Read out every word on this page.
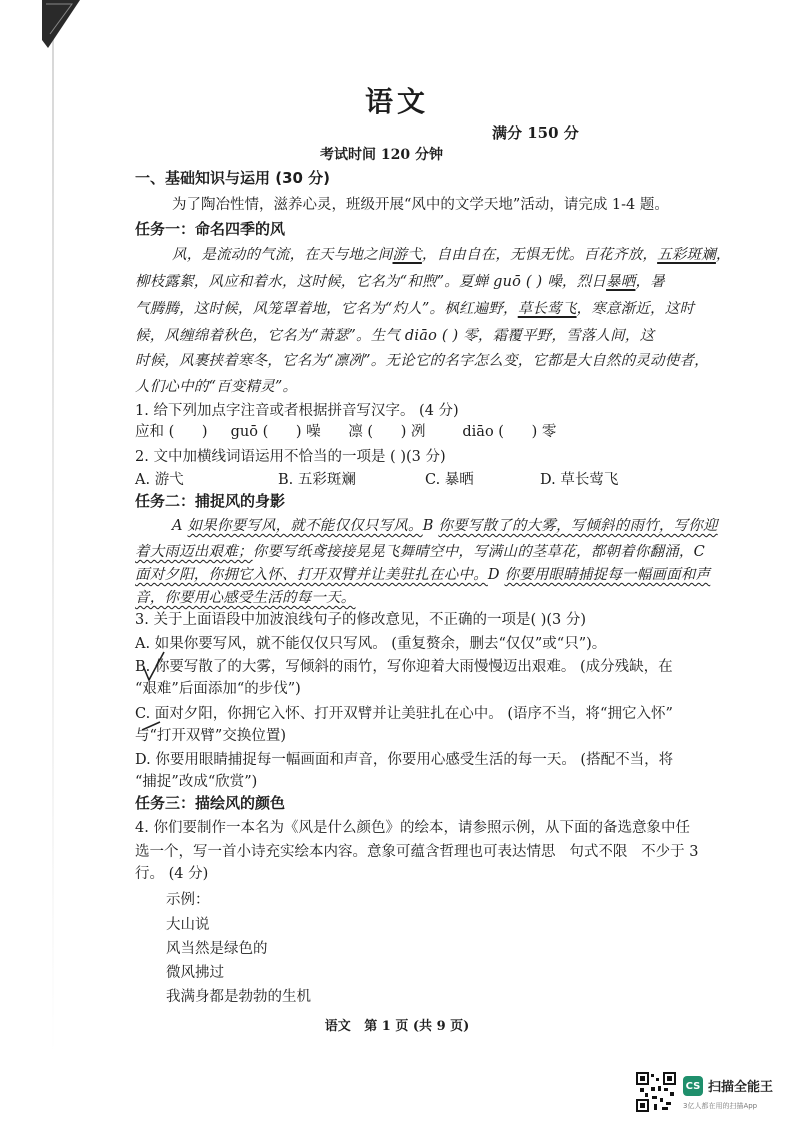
语文
满分 150 分
考试时间 120 分钟
一、基础知识与运用 (30 分)
为了陶冶性情，滋养心灵，班级开展“风中的文学天地”活动，请完成 1-4 题。
任务一：命名四季的风
风，是流动的气流，在天与地之间游弋，自由自在，无惧无忧。百花齐放，五彩斑斓，
柳枝露絮，风应和着水，这时候，它名为“和煦”。夏蝉 guō ( ) 噪，烈日暴晒，暑
气腾腾，这时候，风笼罩着地，它名为“灼人”。枫红遍野，草长莺飞，寒意渐近，这时
候，风缠绵着秋色，它名为“萧瑟”。生气 diāo ( ) 零，霜覆平野，雪落人间，这
时候，风裹挟着寒冬，它名为“凛冽”。无论它的名字怎么变，它都是大自然的灵动使者，
人们心中的“百变精灵”。
1. 给下列加点字注音或者根据拼音写汉字。 (4 分)
应和 (      )     guō (      ) 噪      凛 (      ) 冽        diāo (      ) 零
2. 文中加横线词语运用不恰当的一项是 ( )(3 分)
A. 游弋	B. 五彩斑斓	C. 暴晒	D. 草长莺飞
任务二：捕捉风的身影
A 如果你要写风，就不能仅仅只写风。B 你要写散了的大雾，写倾斜的雨竹，写你迎
着大雨迈出艰难；你要写纸鸢接接晃晃飞舞晴空中，写满山的茎草花，都朝着你翻涌，C
面对夕阳，你拥它入怀、打开双臂并让美驻扎在心中。D 你要用眼睛捕捉每一幅画面和声
音，你要用心感受生活的每一天。
3. 关于上面语段中加波浪线句子的修改意见，不正确的一项是( )(3 分)
A. 如果你要写风，就不能仅仅只写风。 (重复赘余，删去“仅仅”或“只”)。
B. 你要写散了的大雾，写倾斜的雨竹，写你迎着大雨慢慢迈出艰难。 (成分残缺，在
“艰难”后面添加“的步伐”)
C. 面对夕阳，你拥它入怀、打开双臂并让美驻扎在心中。 (语序不当，将“拥它入怀”
与“打开双臂”交换位置)
D. 你要用眼睛捕捉每一幅画面和声音，你要用心感受生活的每一天。 (搭配不当，将
“捕捉”改成“欣赏”)
任务三：描绘风的颜色
4. 你们要制作一本名为《风是什么颜色》的绘本，请参照示例，从下面的备选意象中任
选一个，写一首小诗充实绘本内容。意象可蕴含哲理也可表达情思   句式不限   不少于 3
行。 (4 分)
示例：
大山说
风当然是绿色的
微风拂过
我满身都是勃勃的生机
语文   第 1 页 (共 9 页)
CS 扫描全能王
3亿人都在用的扫描App
